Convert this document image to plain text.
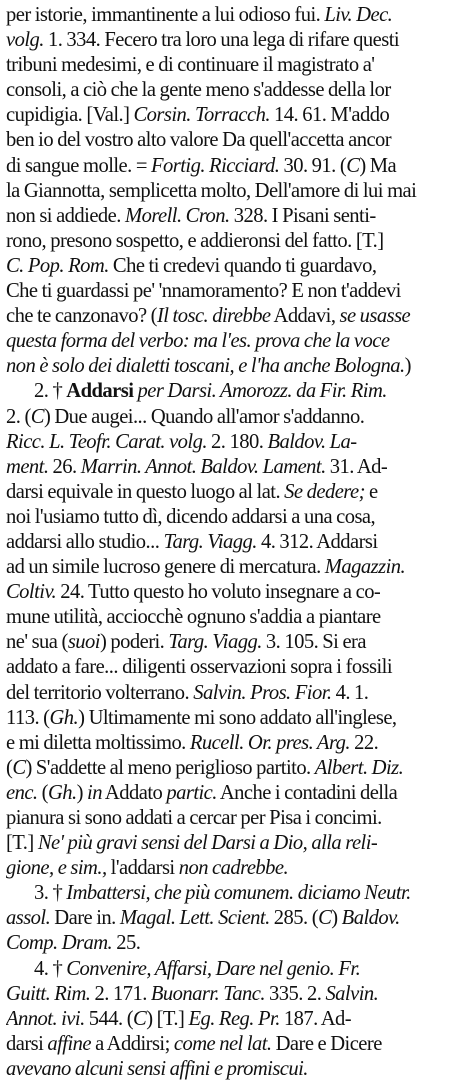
per istorie, immantinente a lui odioso fui. Liv. Dec.
volg. 1. 334. Fecero tra loro una lega di rifare questi
tribuni medesimi, e di continuare il magistrato a'
consoli, a ciò che la gente meno s'addesse della lor
cupidigia. [Val.] Corsin. Torracch. 14. 61. M'addo
ben io del vostro alto valore Da quell'accetta ancor
di sangue molle. = Fortig. Ricciard. 30. 91. (C) Ma
la Giannotta, semplicetta molto, Dell'amore di lui mai
non si addiede. Morell. Cron. 328. I Pisani senti-
rono, presono sospetto, e addieronsi del fatto. [T.]
C. Pop. Rom. Che ti credevi quando ti guardavo,
Che ti guardassi pe' 'nnamoramento? E non t'addevi
che te canzonavo? (Il tosc. direbbe Addavi, se usasse
questa forma del verbo: ma l'es. prova che la voce
non è solo dei dialetti toscani, e l'ha anche Bologna.)
2. † Addarsi per Darsi. Amorozz. da Fir. Rim.
2. (C) Due augei... Quando all'amor s'addanno.
Ricc. L. Teofr. Carat. volg. 2. 180. Baldov. La-
ment. 26. Marrin. Annot. Baldov. Lament. 31. Ad-
darsi equivale in questo luogo al lat. Se dedere; e
noi l'usiamo tutto dì, dicendo addarsi a una cosa,
addarsi allo studio... Targ. Viagg. 4. 312. Addarsi
ad un simile lucroso genere di mercatura. Magazzin.
Coltiv. 24. Tutto questo ho voluto insegnare a co-
mune utilità, acciocchè ognuno s'addia a piantare
ne' sua (suoi) poderi. Targ. Viagg. 3. 105. Si era
addato a fare... diligenti osservazioni sopra i fossili
del territorio volterrano. Salvin. Pros. Fior. 4. 1.
113. (Gh.) Ultimamente mi sono addato all'inglese,
e mi diletta moltissimo. Rucell. Or. pres. Arg. 22.
(C) S'addette al meno periglioso partito. Albert. Diz.
enc. (Gh.) in Addato partic. Anche i contadini della
pianura si sono addati a cercar per Pisa i concimi.
[T.] Ne' più gravi sensi del Darsi a Dio, alla reli-
gione, e sim., l'addarsi non cadrebbe.
3. † Imbattersi, che più comunem. diciamo Neutr.
assol. Dare in. Magal. Lett. Scient. 285. (C) Baldov.
Comp. Dram. 25.
4. † Convenire, Affarsi, Dare nel genio. Fr.
Guitt. Rim. 2. 171. Buonarr. Tanc. 335. 2. Salvin.
Annot. ivi. 544. (C) [T.] Eg. Reg. Pr. 187. Ad-
darsi affine a Addirsi; come nel lat. Dare e Dicere
avevano alcuni sensi affini e promiscui.
